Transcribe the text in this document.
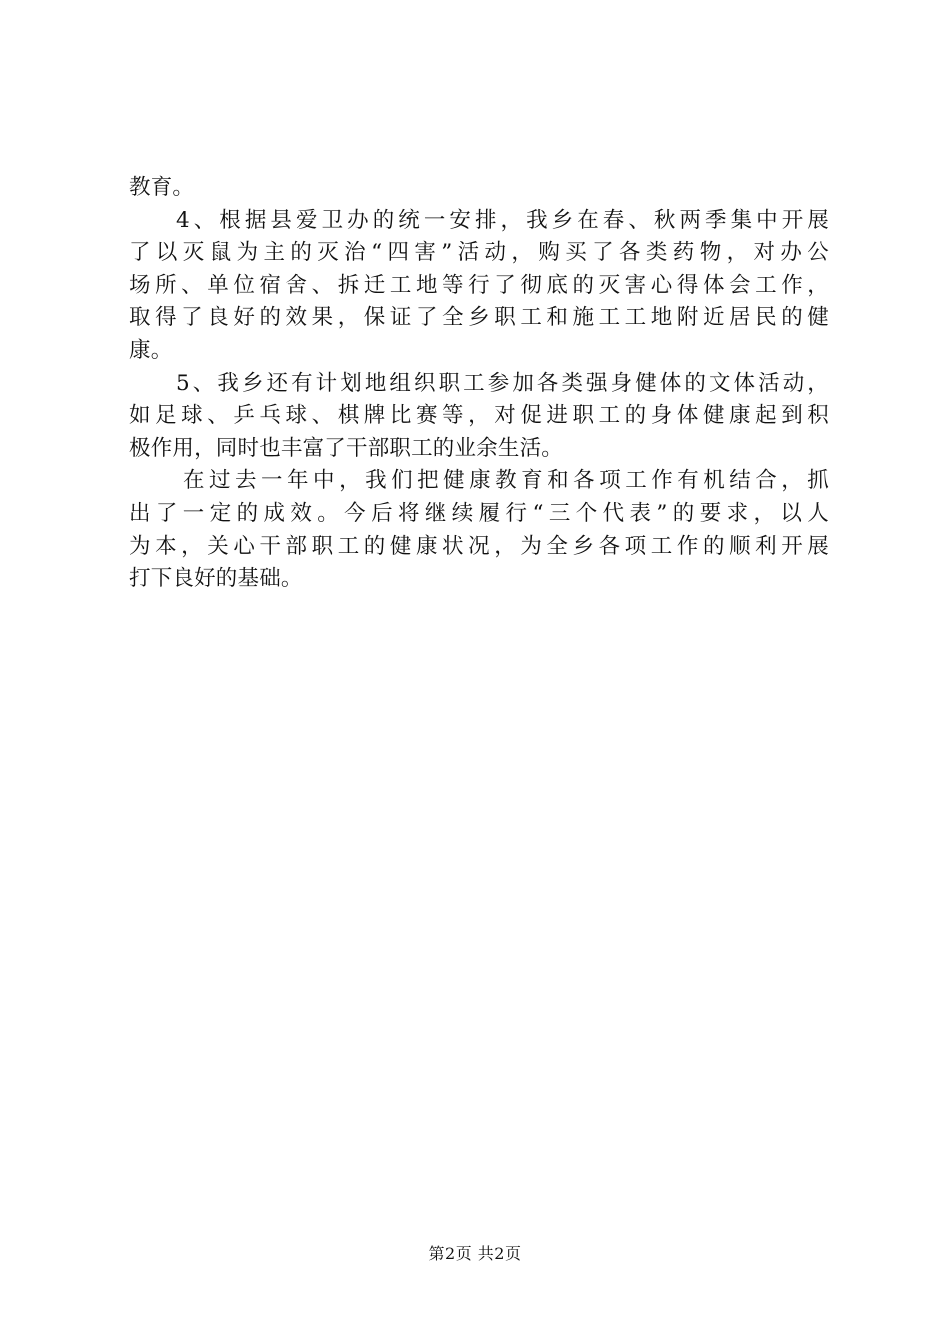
教育。
4、根据县爱卫办的统一安排，我乡在春、秋两季集中开展
了以灭鼠为主的灭治“四害”活动，购买了各类药物，对办公
场所、单位宿舍、拆迁工地等行了彻底的灭害心得体会工作，
取得了良好的效果，保证了全乡职工和施工工地附近居民的健
康。
5、我乡还有计划地组织职工参加各类强身健体的文体活动，
如足球、乒乓球、棋牌比赛等，对促进职工的身体健康起到积
极作用，同时也丰富了干部职工的业余生活。
在过去一年中，我们把健康教育和各项工作有机结合，抓
出了一定的成效。今后将继续履行“三个代表”的要求，以人
为本，关心干部职工的健康状况，为全乡各项工作的顺利开展
打下良好的基础。
第2页 共2页
